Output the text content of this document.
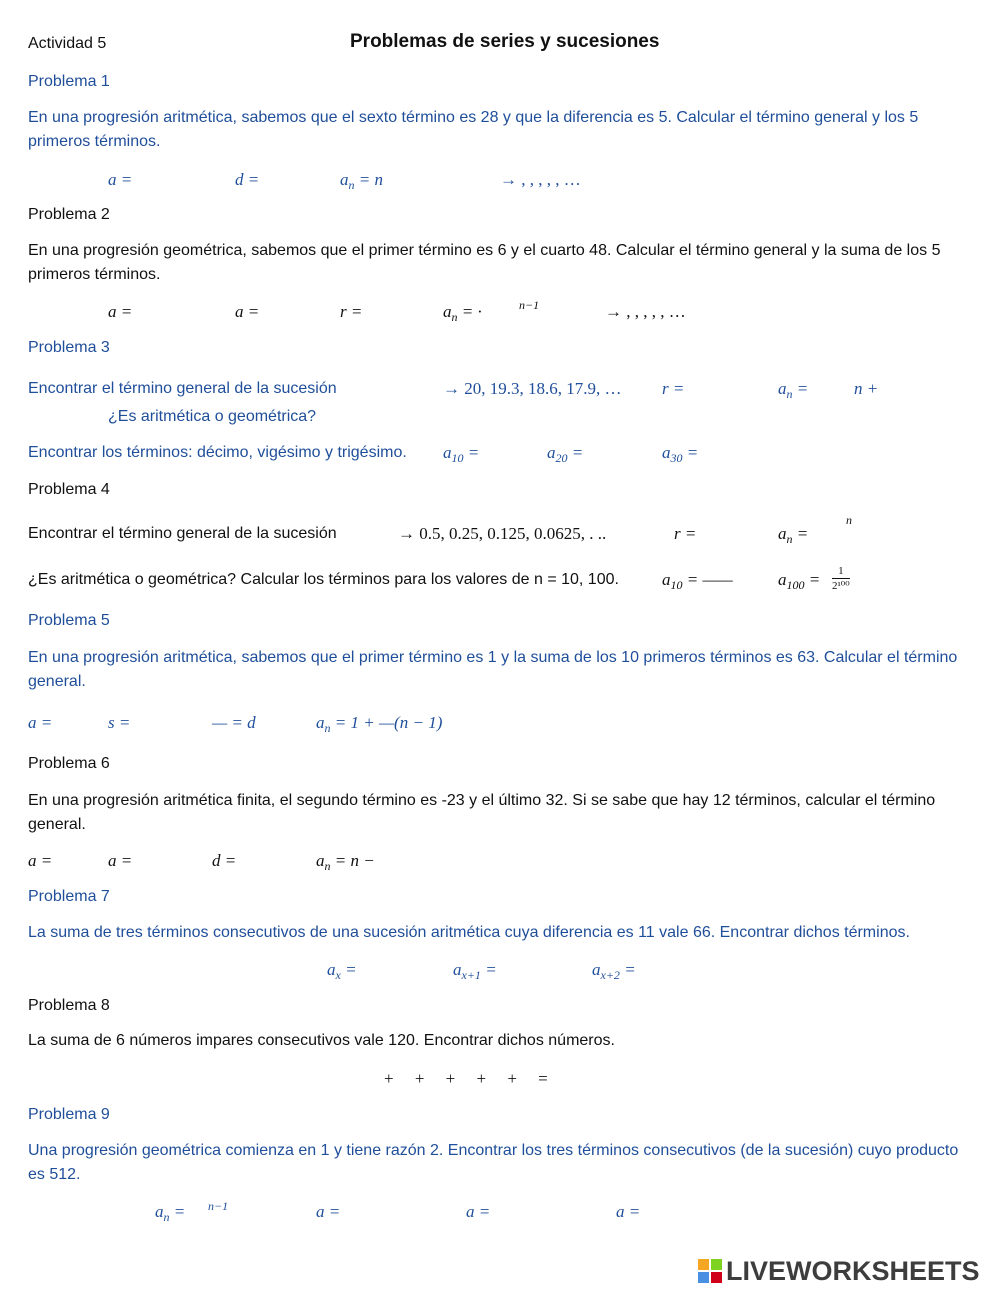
Actividad 5	Problemas de series y sucesiones
Problema 1
En una progresión aritmética, sabemos que el sexto término es 28 y que la diferencia es 5. Calcular el término general y los 5 primeros términos.
a =	d =	$a_n = n$	→ , , , , , …
Problema 2
En una progresión geométrica, sabemos que el primer término es 6 y el cuarto 48. Calcular el término general y la suma de los 5 primeros términos.
a =	a =	r =	$a_n$ = ·	n−1	→ , , , , , …
Problema 3
Encontrar el término general de la sucesión	→ 20, 19.3, 18.6, 17.9, … r =	$a_n$ =	n +
¿Es aritmética o geométrica?
Encontrar los términos: décimo, vigésimo y trigésimo. $a_{10}$ =	$a_{20}$ =	$a_{30}$ =
Problema 4
Encontrar el término general de la sucesión	→ 0.5, 0.25, 0.125, 0.0625, . ..	r =	$a_n$ =
n
¿Es aritmética o geométrica? Calcular los términos para los valores de n = 10, 100.	$a_{10}$ = ——	$a_{100}$ =	1
2¹⁰⁰
Problema 5
En una progresión aritmética, sabemos que el primer término es 1 y la suma de los 10 primeros términos es 63. Calcular el término general.
a =	s =	— = d	$a_n = 1$ + —(n − 1)
Problema 6
En una progresión aritmética finita, el segundo término es -23 y el último 32. Si se sabe que hay 12 términos, calcular el término general.
a =	a =	d =	$a_n = n$ −
Problema 7
La suma de tres términos consecutivos de una sucesión aritmética cuya diferencia es 11 vale 66. Encontrar dichos términos.
$a_x$ =	$a_{x+1}$ =	$a_{x+2}$ =
Problema 8
La suma de 6 números impares consecutivos vale 120. Encontrar dichos números.
+     +     +     +     +     =
Problema 9
Una progresión geométrica comienza en 1 y tiene razón 2. Encontrar los tres términos consecutivos (de la sucesión) cuyo producto es 512.
$a_n = n-1$	a =	a =	a =
LIVEWORKSHEETS
